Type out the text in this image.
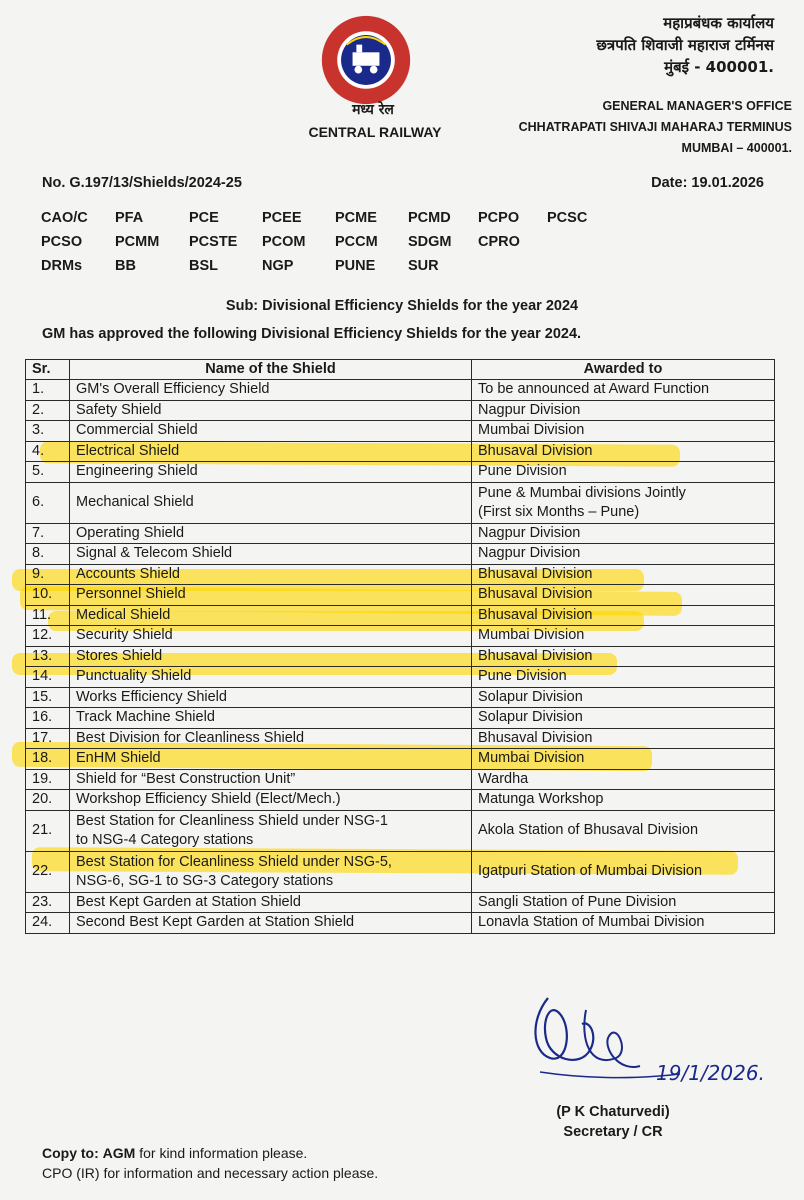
मध्य रेल
CENTRAL RAILWAY
महाप्रबंधक कार्यालय
छत्रपति शिवाजी महाराज टर्मिनस
मुंबई - 400001.
GENERAL MANAGER'S OFFICE
CHHATRAPATI SHIVAJI MAHARAJ TERMINUS
MUMBAI – 400001.
No. G.197/13/Shields/2024-25	Date: 19.01.2026
CAO/C PFA	PCE	PCEE PCME PCMD PCPO PCSC
PCSO PCMM PCSTE PCOM PCCM SDGM CPRO
DRMs BB	BSL	NGP	PUNE SUR
Sub: Divisional Efficiency Shields for the year 2024
GM has approved the following Divisional Efficiency Shields for the year 2024.
Sr.	Name of the Shield	Awarded to
1.	GM's Overall Efficiency Shield	To be announced at Award Function
2.	Safety Shield	Nagpur Division
3.	Commercial Shield	Mumbai Division
4.	Electrical Shield	Bhusaval Division
5.	Engineering Shield	Pune Division
6.	Mechanical Shield	Pune & Mumbai divisions Jointly
(First six Months – Pune)
7.	Operating Shield	Nagpur Division
8.	Signal & Telecom Shield	Nagpur Division
9.	Accounts Shield	Bhusaval Division
10.	Personnel Shield	Bhusaval Division
11.	Medical Shield	Bhusaval Division
12.	Security Shield	Mumbai Division
13.	Stores Shield	Bhusaval Division
14.	Punctuality Shield	Pune Division
15.	Works Efficiency Shield	Solapur Division
16.	Track Machine Shield	Solapur Division
17.	Best Division for Cleanliness Shield	Bhusaval Division
18.	EnHM Shield	Mumbai Division
19.	Shield for “Best Construction Unit”	Wardha
20.	Workshop Efficiency Shield (Elect/Mech.)	Matunga Workshop
21.	Best Station for Cleanliness Shield under NSG-1
to NSG-4 Category stations	Akola Station of Bhusaval Division
22.	Best Station for Cleanliness Shield under NSG-5,
NSG-6, SG-1 to SG-3 Category stations	Igatpuri Station of Mumbai Division
23.	Best Kept Garden at Station Shield	Sangli Station of Pune Division
24.	Second Best Kept Garden at Station Shield	Lonavla Station of Mumbai Division
19/1/2026.
(P K Chaturvedi)
Secretary / CR
Copy to: AGM for kind information please.
CPO (IR) for information and necessary action please.
